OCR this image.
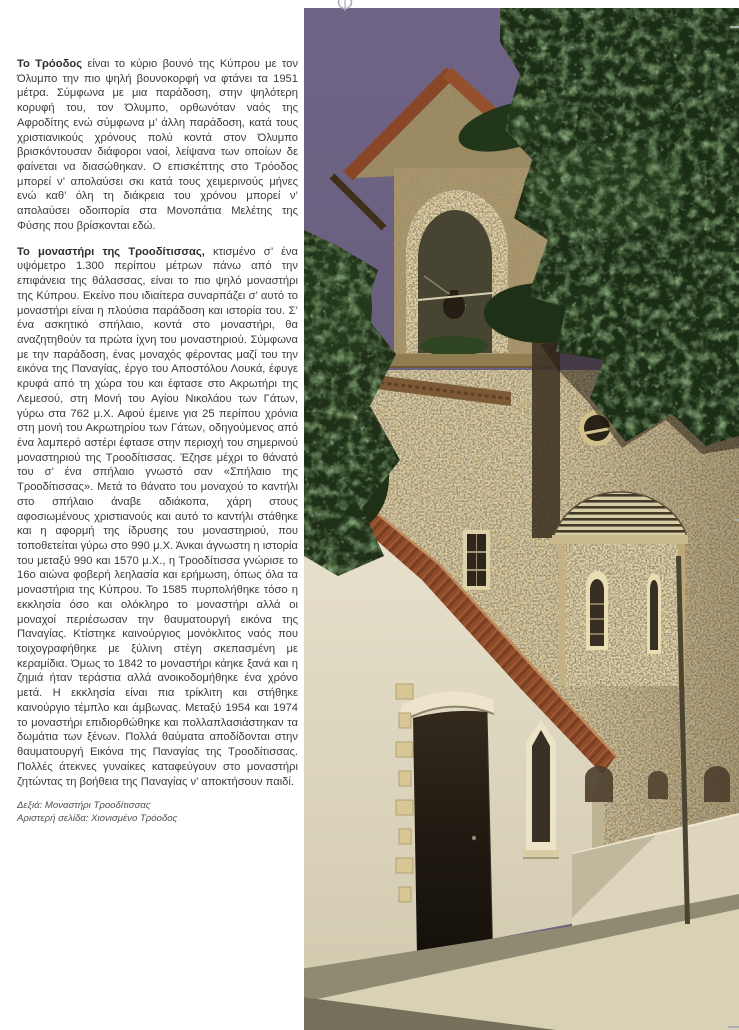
Το Τρόοδος είναι το κύριο βουνό της Κύπρου με τον Όλυμπο την πιο ψηλή βουνοκορφή να φτάνει τα 1951 μέτρα. Σύμφωνα με μια παράδοση, στην ψηλότερη κορυφή του, τον Όλυμπο, ορθωνόταν ναός της Αφροδίτης ενώ σύμφωνα μ’ άλλη παράδοση, κατά τους χριστιανικούς χρόνους πολύ κοντά στον Όλυμπο βρισκόντουσαν διάφοροι ναοί, λείψανα των οποίων δε φαίνεται να διασώθηκαν. Ο επισκέπτης στο Τρόοδος μπορεί ν’ απολαύσει σκι κατά τους χειμερινούς μήνες ενώ καθ’ όλη τη διάκρεια του χρόνου μπορεί ν’ απολαύσει οδοιπορία στα Μονοπάτια Μελέτης της Φύσης που βρίσκονται εδώ.

Το μοναστήρι της Τροοδίτισσας, κτισμένο σ’ ένα υψόμετρο 1.300 περίπου μέτρων πάνω από την επιφάνεια της θάλασσας, είναι το πιο ψηλό μοναστήρι της Κύπρου. Εκείνο που ιδιαίτερα συναρπάζει σ’ αυτό το μοναστήρι είναι η πλούσια παράδοση και ιστορία του. Σ’ ένα ασκητικό σπήλαιο, κοντά στο μοναστήρι, θα αναζητηθούν τα πρώτα ίχνη του μοναστηριού. Σύμφωνα με την παράδοση, ένας μοναχός φέροντας μαζί του την εικόνα της Παναγίας, έργο του Αποστόλου Λουκά, έφυγε κρυφά από τη χώρα του και έφτασε στο Ακρωτήρι της Λεμεσού, στη Μονή του Αγίου Νικολάου των Γάτων, γύρω στα 762 μ.Χ. Αφού έμεινε για 25 περίπου χρόνια στη μονή του Ακρωτηρίου των Γάτων, οδηγούμενος από ένα λαμπερό αστέρι έφτασε στην περιοχή του σημερινού μοναστηριού της Τροοδίτισσας. Έζησε μέχρι το θάνατό του σ’ ένα σπήλαιο γνωστό σαν «Σπήλαιο της Τροοδίτισσας». Μετά το θάνατο του μοναχού το καντήλι στο σπήλαιο άναβε αδιάκοπα, χάρη στους αφοσιωμένους χριστιανούς και αυτό το καντήλι στάθηκε και η αφορμή της ίδρυσης του μοναστηριού, που τοποθετείται γύρω στο 990 μ.Χ. Άνκαι άγνωστη η ιστορία του μεταξύ 990 και 1570 μ.Χ., η Τροοδίτισσα γνώρισε το 16ο αιώνα φοβερή λεηλασία και ερήμωση, όπως όλα τα μοναστήρια της Κύπρου. Το 1585 πυρπολήθηκε τόσο η εκκλησία όσο και ολόκληρο το μοναστήρι αλλά οι μοναχοί περιέσωσαν την θαυματουργή εικόνα της Παναγίας. Κτίστηκε καινούργιος μονόκλιτος ναός που τοιχογραφήθηκε με ξύλινη στέγη σκεπασμένη με κεραμίδια. Όμως το 1842 το μοναστήρι κάηκε ξανά και η ζημιά ήταν τεράστια αλλά ανοικοδομήθηκε ένα χρόνο μετά. Η εκκλησία είναι πια τρίκλιτη και στήθηκε καινούργιο τέμπλο και άμβωνας. Μεταξύ 1954 και 1974 το μοναστήρι επιδιορθώθηκε και πολλαπλασιάστηκαν τα δωμάτια των ξένων. Πολλά θαύματα αποδίδονται στην θαυματουργή Εικόνα της Παναγίας της Τροοδίτισσας. Πολλές άτεκνες γυναίκες καταφεύγουν στο μοναστήρι ζητώντας τη βοήθεια της Παναγίας ν’ αποκτήσουν παιδί.

Δεξιά: Μοναστήρι Τροοδίτισσας
Αριστερή σελίδα: Χιονισμένο Τρόοδος
